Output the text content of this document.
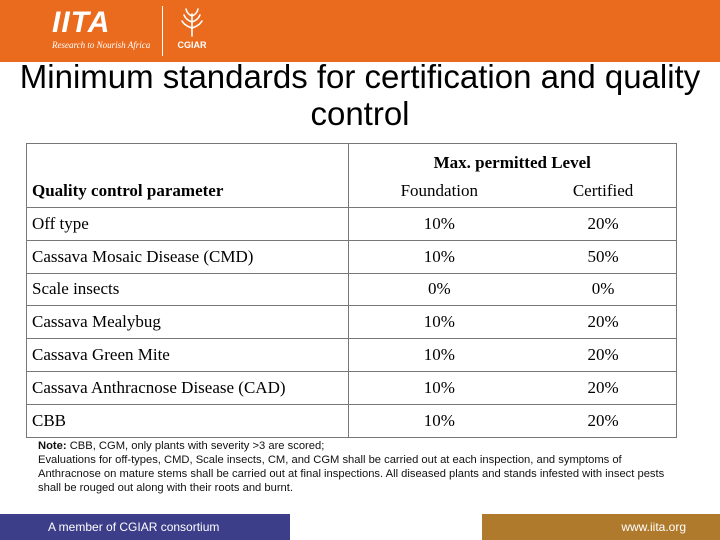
IITA
Research to Nourish Africa	CGIAR
Minimum standards for certification and quality control
	Max. permitted Level	
Quality control parameter	Foundation	Certified
Off type	10%	20%
Cassava Mosaic Disease (CMD)	10%	50%
Scale insects	0%	0%
Cassava Mealybug	10%	20%
Cassava Green Mite	10%	20%
Cassava Anthracnose Disease (CAD)	10%	20%
CBB	10%	20%
Note: CBB, CGM, only plants with severity >3 are scored;
Evaluations for off-types, CMD, Scale insects, CM, and CGM shall be carried out at each inspection, and symptoms of Anthracnose on mature stems shall be carried out at final inspections. All diseased plants and stands infested with insect pests shall be rouged out along with their roots and burnt.
A member of CGIAR consortium	www.iita.org
